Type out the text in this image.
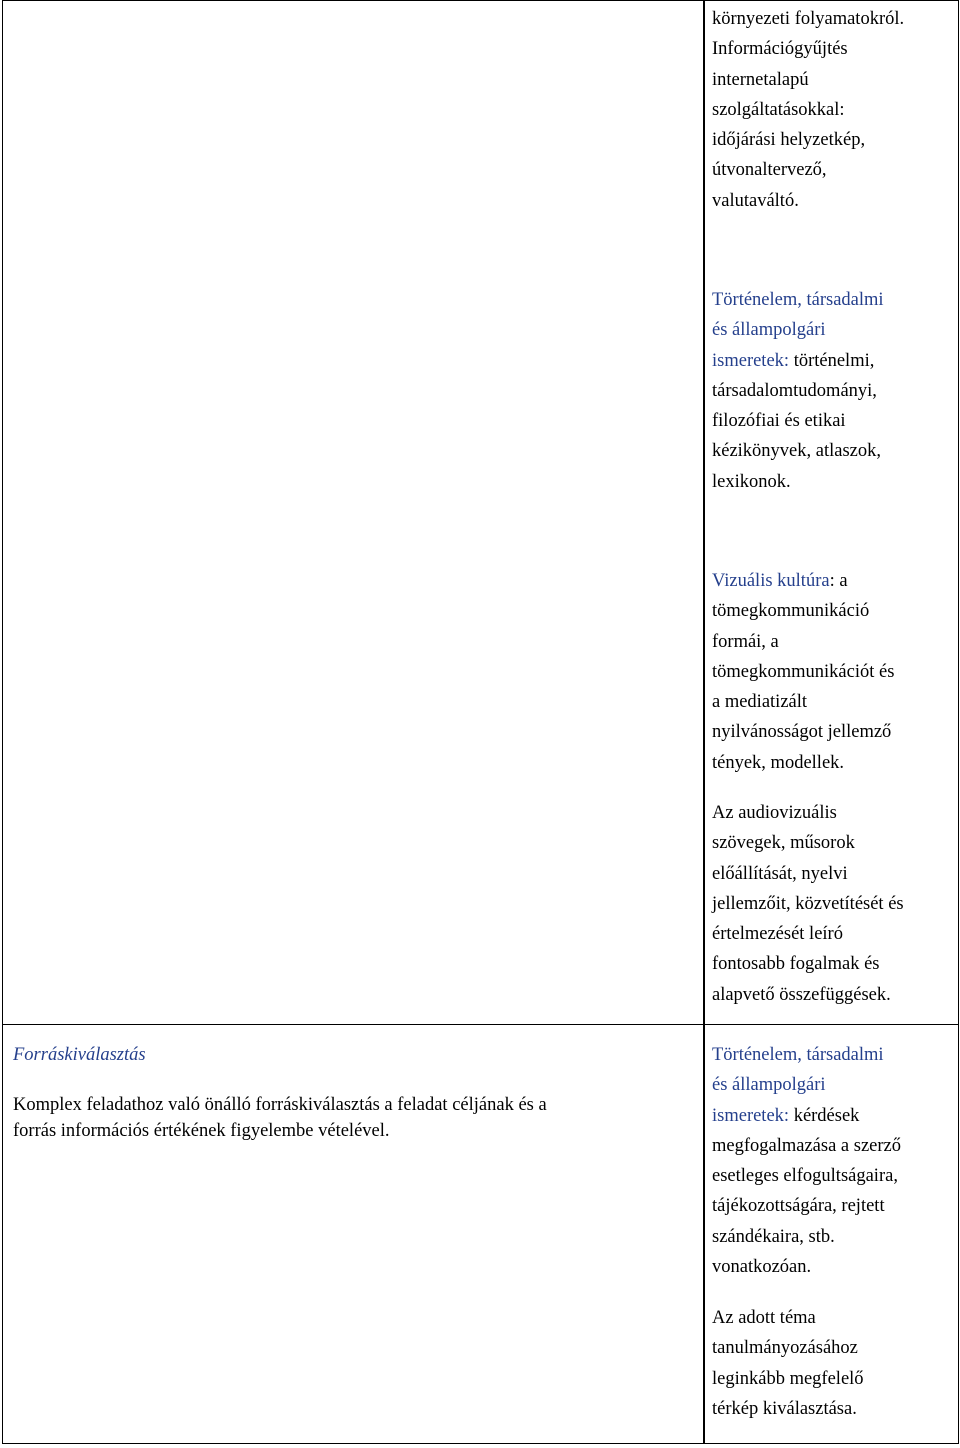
környezeti folyamatokról.
Információgyűjtés
internetalapú
szolgáltatásokkal:
időjárási helyzetkép,
útvonaltervező,
valutaváltó.
Történelem, társadalmi
és állampolgári
ismeretek: történelmi,
társadalomtudományi,
filozófiai és etikai
kézikönyvek, atlaszok,
lexikonok.
Vizuális kultúra: a
tömegkommunikáció
formái, a
tömegkommunikációt és
a mediatizált
nyilvánosságot jellemző
tények, modellek.
Az audiovizuális
szövegek, műsorok
előállítását, nyelvi
jellemzőit, közvetítését és
értelmezését leíró
fontosabb fogalmak és
alapvető összefüggések.
Forráskiválasztás
Komplex feladathoz való önálló forráskiválasztás a feladat céljának és a
forrás információs értékének figyelembe vételével.
Történelem, társadalmi
és állampolgári
ismeretek: kérdések
megfogalmazása a szerző
esetleges elfogultságaira,
tájékozottságára, rejtett
szándékaira, stb.
vonatkozóan.
Az adott téma
tanulmányozásához
leginkább megfelelő
térkép kiválasztása.
